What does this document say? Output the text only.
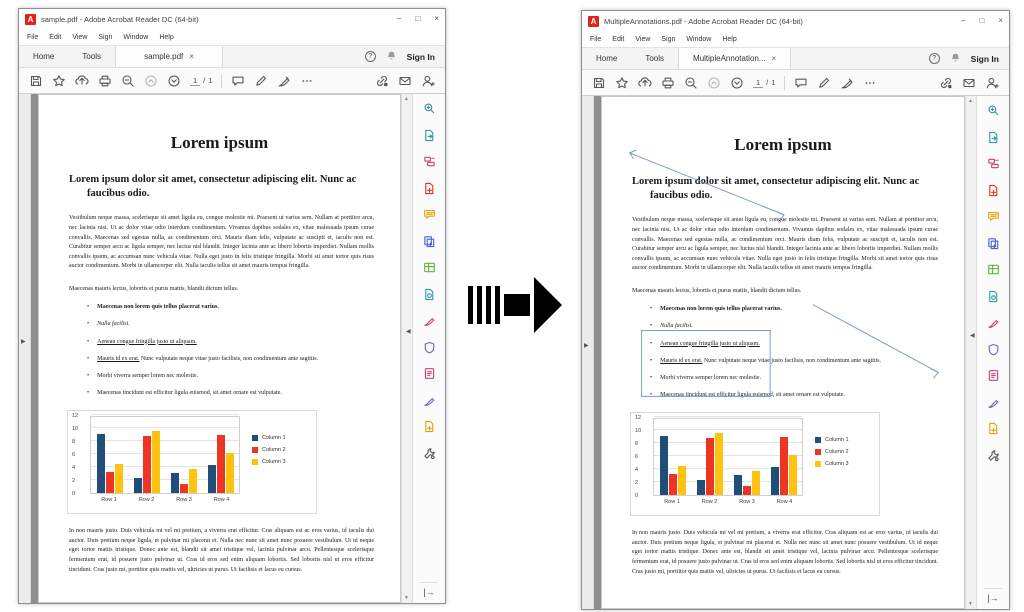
A	sample.pdf - Adobe Acrobat Reader DC (64-bit)	– □ ×
File Edit View Sign Window Help
Home	Tools	sample.pdf ×	?	Sign In
1 / 1
▶
Lorem ipsum
Lorem ipsum dolor sit amet, consectetur adipiscing elit. Nunc ac faucibus odio.
Vestibulum neque massa, scelerisque sit amet ligula eu, congue molestie mi. Praesent ut varius sem. Nullam at porttitor arcu, nec lacinia nisi. Ut ac dolor vitae odio interdum condimentum. Vivamus dapibus sodales ex, vitae malesuada ipsum curae convallis. Maecenas sed egestas nulla, ac condimentum orci. Mauris diam felis, vulputate ac suscipit et, iaculis non est. Curabitur semper arcu ac ligula semper, nec luctus nisl blandit. Integer lacinia ante ac libero lobortis imperdiet. Nullam mollis convallis ipsum, ac accumsan nunc vehicula vitae. Nulla eget justo in felis tristique fringilla. Morbi sit amet tortor quis risus auctor condimentum. Morbi in ullamcorper elit. Nulla iaculis tellus sit amet mauris tempus fringilla.
Maecenas mauris lectus, lobortis et purus mattis, blandit dictum tellus.
• Maecenas non lorem quis tellus placerat varius.
• Nulla facilisi.
• Aenean congue fringilla justo ut aliquam.
• Mauris id ex erat. Nunc vulputate neque vitae justo facilisis, non condimentum ante sagittis.
• Morbi viverra semper lorem nec molestie.
• Maecenas tincidunt est efficitur ligula euismod, sit amet ornare est vulputate.
0
2
4
6
8
10
12
Row 1	Row 2	Row 3	Row 4
Column 1
Column 2
Column 3
In non mauris justo. Duis vehicula mi vel mi pretium, a viverra erat efficitur. Cras aliquam est ac eros varius, id iaculis dui auctor. Duis pretium neque ligula, et pulvinar mi placerat et. Nulla nec nunc sit amet nunc posuere vestibulum. Ut id neque eget tortor mattis tristique. Donec ante est, blandit sit amet tristique vel, lacinia pulvinar arcu. Pellentesque scelerisque fermentum erat, id posuere justo pulvinar ut. Cras id eros sed enim aliquam lobortis. Sed lobortis nisl ut eros efficitur tincidunt. Cras justo mi, porttitor quis mattis vel, ultricies ut purus. Ut facilisis et lacus eu cursus.
▲
▼
◀
|→
A	MultipleAnnotations.pdf - Adobe Acrobat Reader DC (64-bit)	– □ ×
File Edit View Sign Window Help
Home	Tools	MultipleAnnotation... ×	?	Sign In
1 / 1
▶
Lorem ipsum
Lorem ipsum dolor sit amet, consectetur adipiscing elit. Nunc ac faucibus odio.
Vestibulum neque massa, scelerisque sit amet ligula eu, congue molestie mi. Praesent ut varius sem. Nullam at porttitor arcu, nec lacinia nisi. Ut ac dolor vitae odio interdum condimentum. Vivamus dapibus sodales ex, vitae malesuada ipsum curae convallis. Maecenas sed egestas nulla, ac condimentum orci. Mauris diam felis, vulputate ac suscipit et, iaculis non est. Curabitur semper arcu ac ligula semper, nec luctus nisl blandit. Integer lacinia ante ac libero lobortis imperdiet. Nullam mollis convallis ipsum, ac accumsan nunc vehicula vitae. Nulla eget justo in felis tristique fringilla. Morbi sit amet tortor quis risus auctor condimentum. Morbi in ullamcorper elit. Nulla iaculis tellus sit amet mauris tempus fringilla.
Maecenas mauris lectus, lobortis et purus mattis, blandit dictum tellus.
• Maecenas non lorem quis tellus placerat varius.
• Nulla facilisi.
• Aenean congue fringilla justo ut aliquam.
• Mauris id ex erat. Nunc vulputate neque vitae justo facilisis, non condimentum ante sagittis.
• Morbi viverra semper lorem nec molestie.
• Maecenas tincidunt est efficitur ligula euismod, sit amet ornare est vulputate.
0
2
4
6
8
10
12
Row 1	Row 2	Row 3	Row 4
Column 1
Column 2
Column 3
In non mauris justo. Duis vehicula mi vel mi pretium, a viverra erat efficitur. Cras aliquam est ac eros varius, id iaculis dui auctor. Duis pretium neque ligula, et pulvinar mi placerat et. Nulla nec nunc sit amet nunc posuere vestibulum. Ut id neque eget tortor mattis tristique. Donec ante est, blandit sit amet tristique vel, lacinia pulvinar arcu. Pellentesque scelerisque fermentum erat, id posuere justo pulvinar ut. Cras id eros sed enim aliquam lobortis. Sed lobortis nisl ut eros efficitur tincidunt. Cras justo mi, porttitor quis mattis vel, ultricies ut purus. Ut facilisis et lacus eu cursus.
▲
▼
◀
|→
